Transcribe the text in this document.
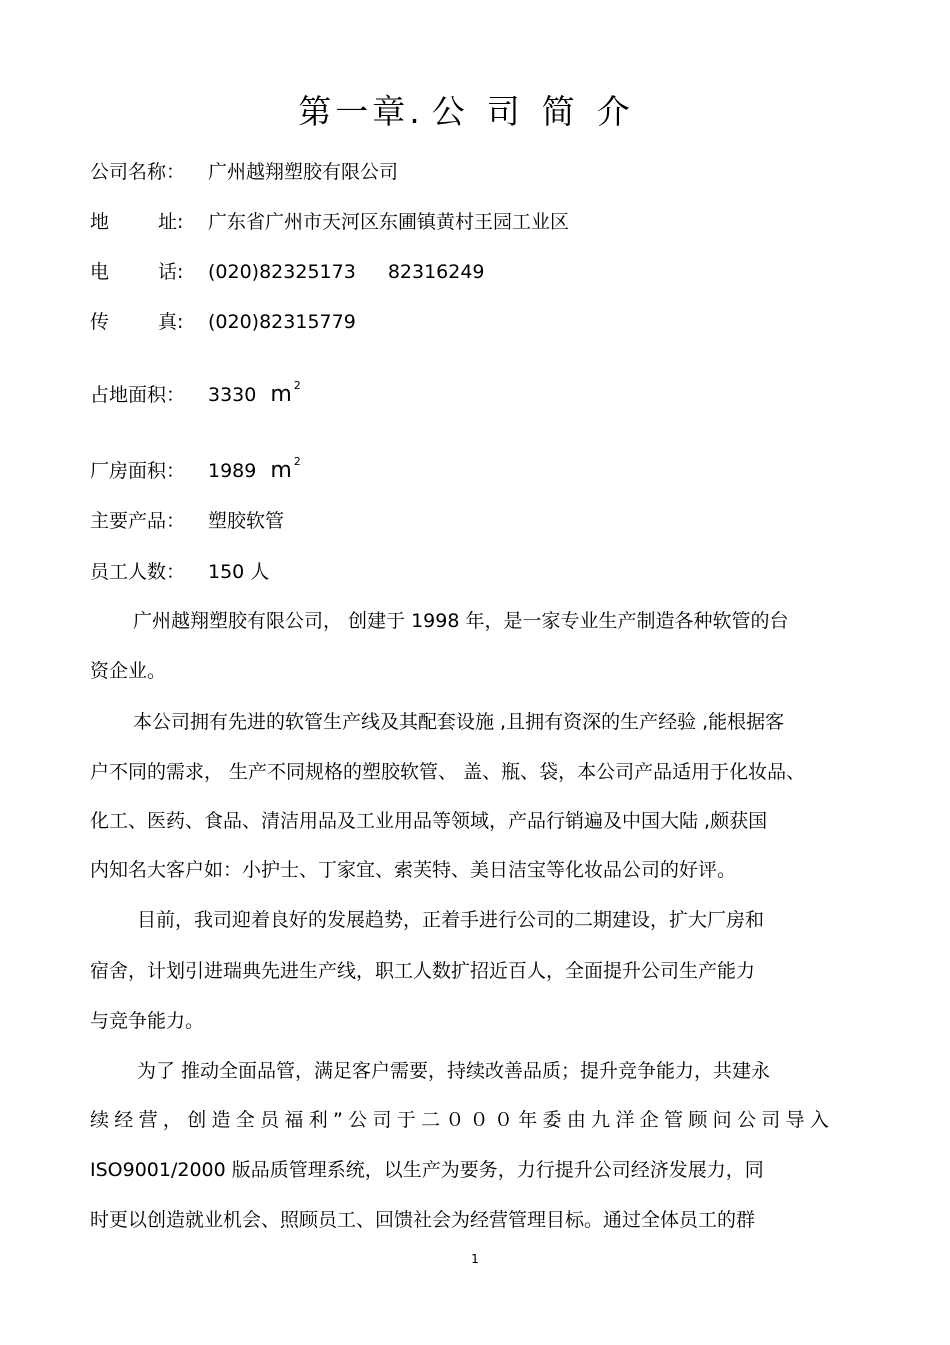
第一章. 公司简介
公司名称： 广州越翔塑胶有限公司
地	址: 广东省广州市天河区东圃镇黄村王园工业区
电	话: (020)82325173 82316249
传	真: (020)82315779
占地面积： 3330 m $^2$
厂房面积： 1989 m $^2$
主要产品： 塑胶软管
员工人数： 150 人
广州越翔塑胶有限公司， 创建于 1998 年，是一家专业生产制造各种软管的台
资企业。
本公司拥有先进的软管生产线及其配套设施 ,且拥有资深的生产经验 ,能根据客
户不同的需求， 生产不同规格的塑胶软管、 盖、瓶、袋，本公司产品适用于化妆品、
化工、医药、食品、清洁用品及工业用品等领域，产品行销遍及中国大陆 ,颇获国
内知名大客户如：小护士、丁家宜、索芙特、美日洁宝等化妆品公司的好评。
目前，我司迎着良好的发展趋势，正着手进行公司的二期建设，扩大厂房和
宿舍，计划引进瑞典先进生产线，职工人数扩招近百人，全面提升公司生产能力
与竞争能力。
为了 推动全面品管，满足客户需要，持续改善品质；提升竞争能力，共建永
续经营，创造全员福利”公司于二０００年委由九洋企管顾问公司导入
ISO9001/2000 版品质管理系统，以生产为要务，力行提升公司经济发展力，同
时更以创造就业机会、照顾员工、回馈社会为经营管理目标。通过全体员工的群
1
